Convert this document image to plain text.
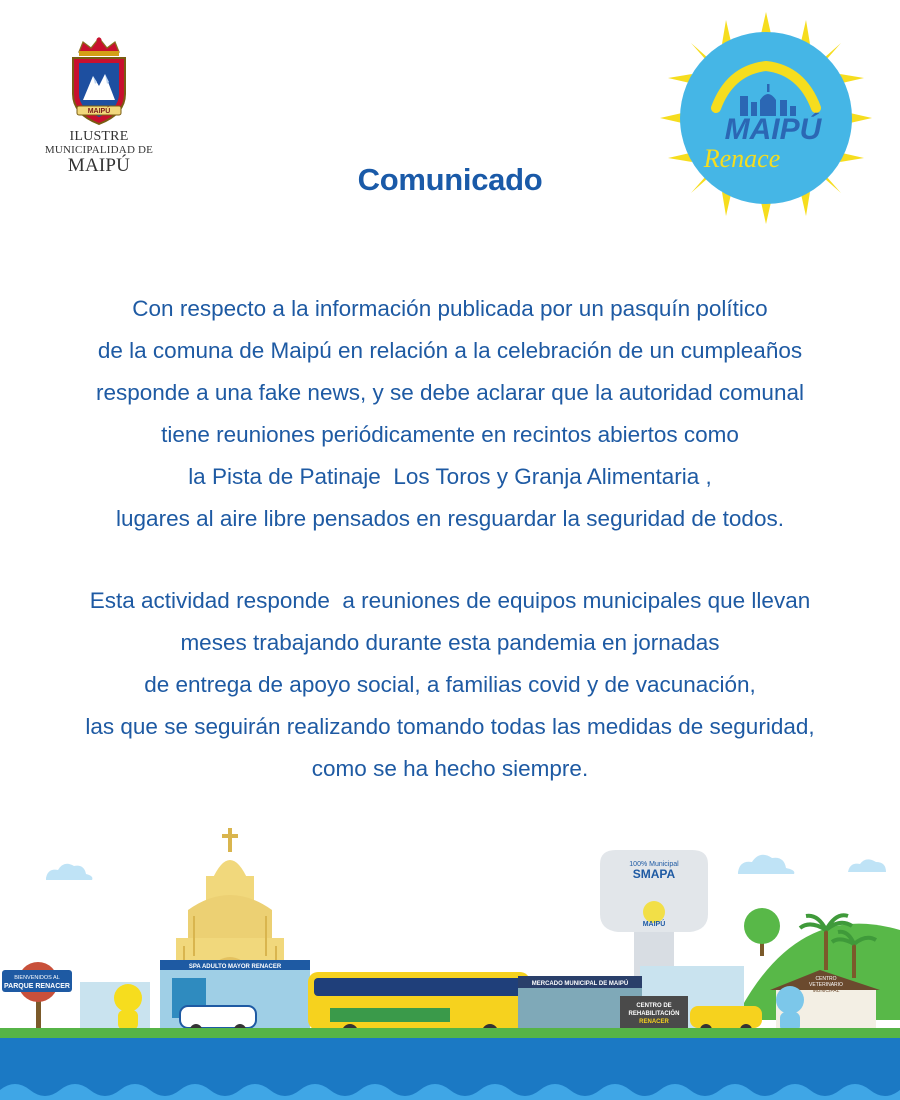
MAIPÚ
ILUSTRE
MUNICIPALIDAD DE
MAIPÚ	Comunicado
MAIPÚ
Renace
Con respecto a la información publicada por un pasquín político
de la comuna de Maipú en relación a la celebración de un cumpleaños
responde a una fake news, y se debe aclarar que la autoridad comunal
tiene reuniones periódicamente en recintos abiertos como
la Pista de Patinaje  Los Toros y Granja Alimentaria ,
lugares al aire libre pensados en resguardar la seguridad de todos.
Esta actividad responde  a reuniones de equipos municipales que llevan
meses trabajando durante esta pandemia en jornadas
de entrega de apoyo social, a familias covid y de vacunación,
las que se seguirán realizando tomando todas las medidas de seguridad,
como se ha hecho siempre.
100% Municipal
SMAPA
MAIPÚ
BIENVENIDOS AL
PARQUE RENACER
SPA ADULTO MAYOR RENACER
MERCADO MUNICIPAL DE MAIPÚ
CENTRO DE
REHABILITACIÓN
RENACER
CENTRO
VETERINARIO
MUNICIPAL
